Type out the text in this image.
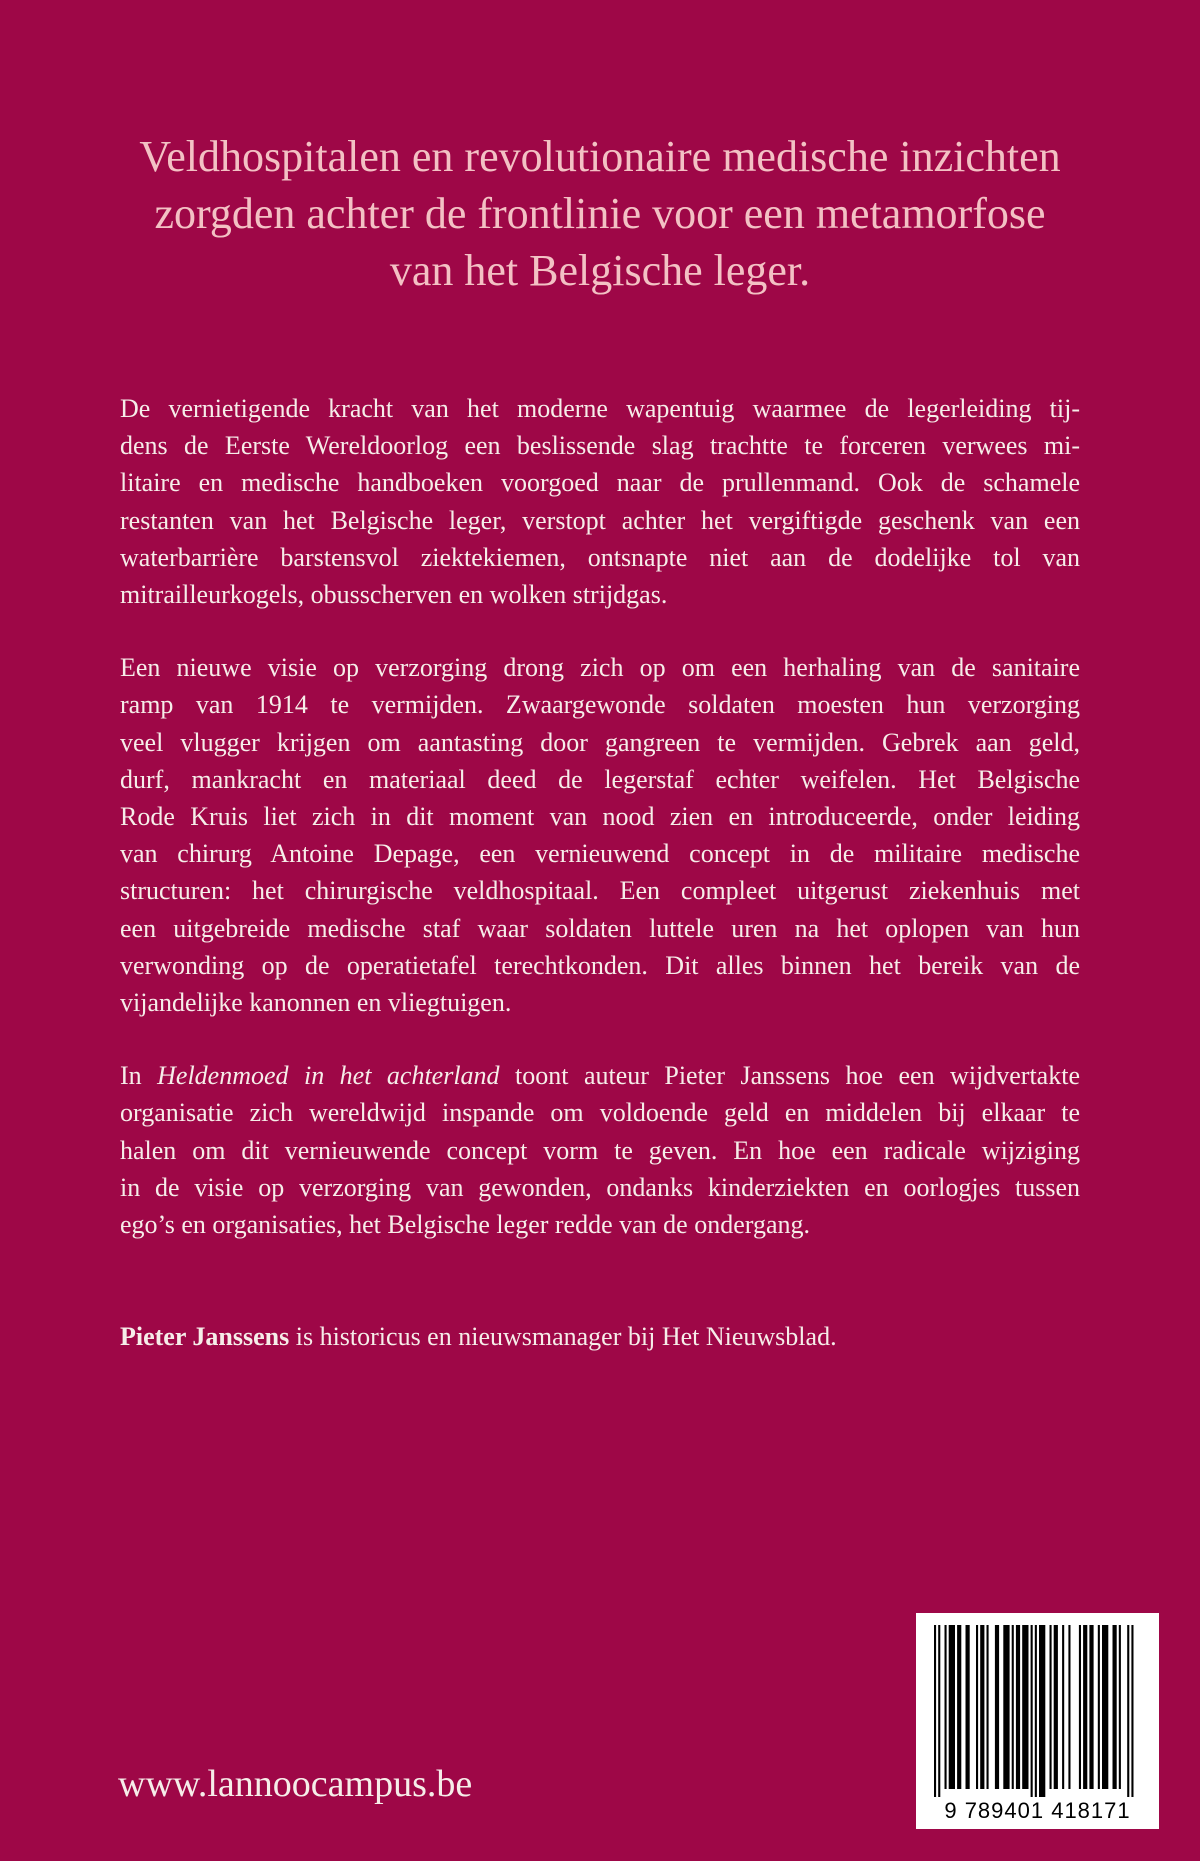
Veldhospitalen en revolutionaire medische inzichten
zorgden achter de frontlinie voor een metamorfose
van het Belgische leger.

De vernietigende kracht van het moderne wapentuig waarmee de legerleiding tij-
dens de Eerste Wereldoorlog een beslissende slag trachtte te forceren verwees mi-
litaire en medische handboeken voorgoed naar de prullenmand. Ook de schamele
restanten van het Belgische leger, verstopt achter het vergiftigde geschenk van een
waterbarrière barstensvol ziektekiemen, ontsnapte niet aan de dodelijke tol van
mitrailleurkogels, obusscherven en wolken strijdgas.

Een nieuwe visie op verzorging drong zich op om een herhaling van de sanitaire
ramp van 1914 te vermijden. Zwaargewonde soldaten moesten hun verzorging
veel vlugger krijgen om aantasting door gangreen te vermijden. Gebrek aan geld,
durf, mankracht en materiaal deed de legerstaf echter weifelen. Het Belgische
Rode Kruis liet zich in dit moment van nood zien en introduceerde, onder leiding
van chirurg Antoine Depage, een vernieuwend concept in de militaire medische
structuren: het chirurgische veldhospitaal. Een compleet uitgerust ziekenhuis met
een uitgebreide medische staf waar soldaten luttele uren na het oplopen van hun
verwonding op de operatietafel terechtkonden. Dit alles binnen het bereik van de
vijandelijke kanonnen en vliegtuigen.

In Heldenmoed in het achterland toont auteur Pieter Janssens hoe een wijdvertakte
organisatie zich wereldwijd inspande om voldoende geld en middelen bij elkaar te
halen om dit vernieuwende concept vorm te geven. En hoe een radicale wijziging
in de visie op verzorging van gewonden, ondanks kinderziekten en oorlogjes tussen
ego’s en organisaties, het Belgische leger redde van de ondergang.

Pieter Janssens is historicus en nieuwsmanager bij Het Nieuwsblad.
www.lannoocampus.be
9 789401 418171
